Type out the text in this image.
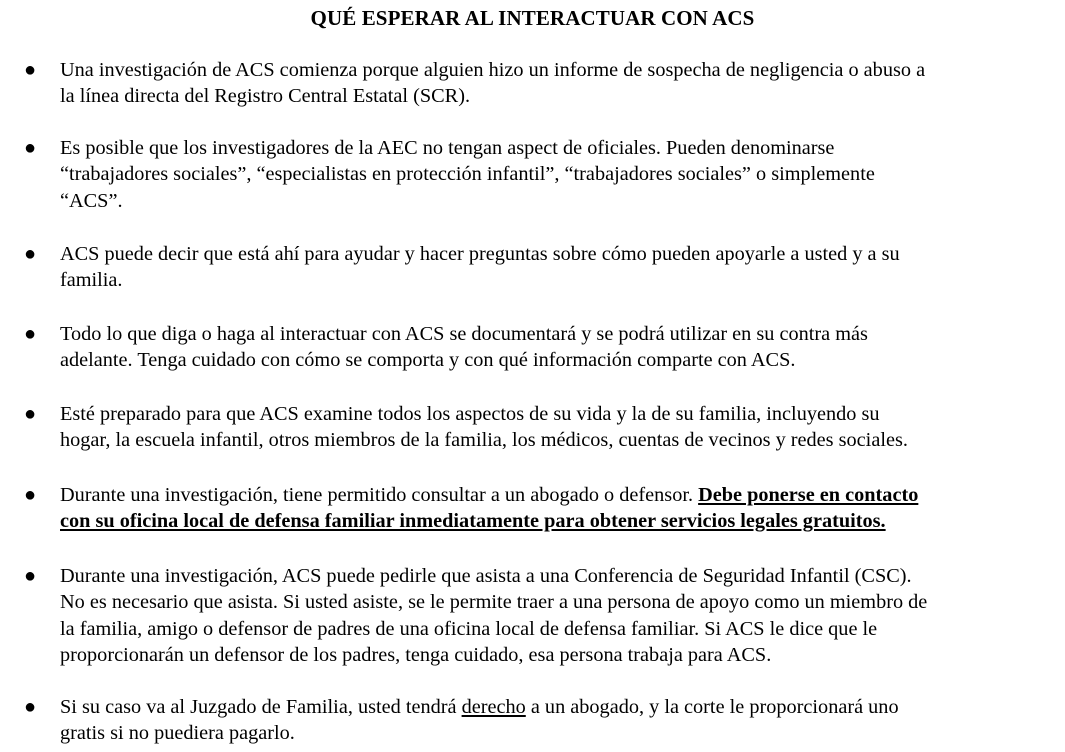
QUÉ ESPERAR AL INTERACTUAR CON ACS
●	Una investigación de ACS comienza porque alguien hizo un informe de sospecha de negligencia o abuso a
la línea directa del Registro Central Estatal (SCR).
●	Es posible que los investigadores de la AEC no tengan aspect de oficiales. Pueden denominarse
“trabajadores sociales”, “especialistas en protección infantil”, “trabajadores sociales” o simplemente
“ACS”.
●	ACS puede decir que está ahí para ayudar y hacer preguntas sobre cómo pueden apoyarle a usted y a su
familia.
●	Todo lo que diga o haga al interactuar con ACS se documentará y se podrá utilizar en su contra más
adelante. Tenga cuidado con cómo se comporta y con qué información comparte con ACS.
●	Esté preparado para que ACS examine todos los aspectos de su vida y la de su familia, incluyendo su
hogar, la escuela infantil, otros miembros de la familia, los médicos, cuentas de vecinos y redes sociales.
●	Durante una investigación, tiene permitido consultar a un abogado o defensor. Debe ponerse en contacto
con su oficina local de defensa familiar inmediatamente para obtener servicios legales gratuitos.
●	Durante una investigación, ACS puede pedirle que asista a una Conferencia de Seguridad Infantil (CSC).
No es necesario que asista. Si usted asiste, se le permite traer a una persona de apoyo como un miembro de
la familia, amigo o defensor de padres de una oficina local de defensa familiar. Si ACS le dice que le
proporcionarán un defensor de los padres, tenga cuidado, esa persona trabaja para ACS.
●	Si su caso va al Juzgado de Familia, usted tendrá derecho a un abogado, y la corte le proporcionará uno
gratis si no puediera pagarlo.
